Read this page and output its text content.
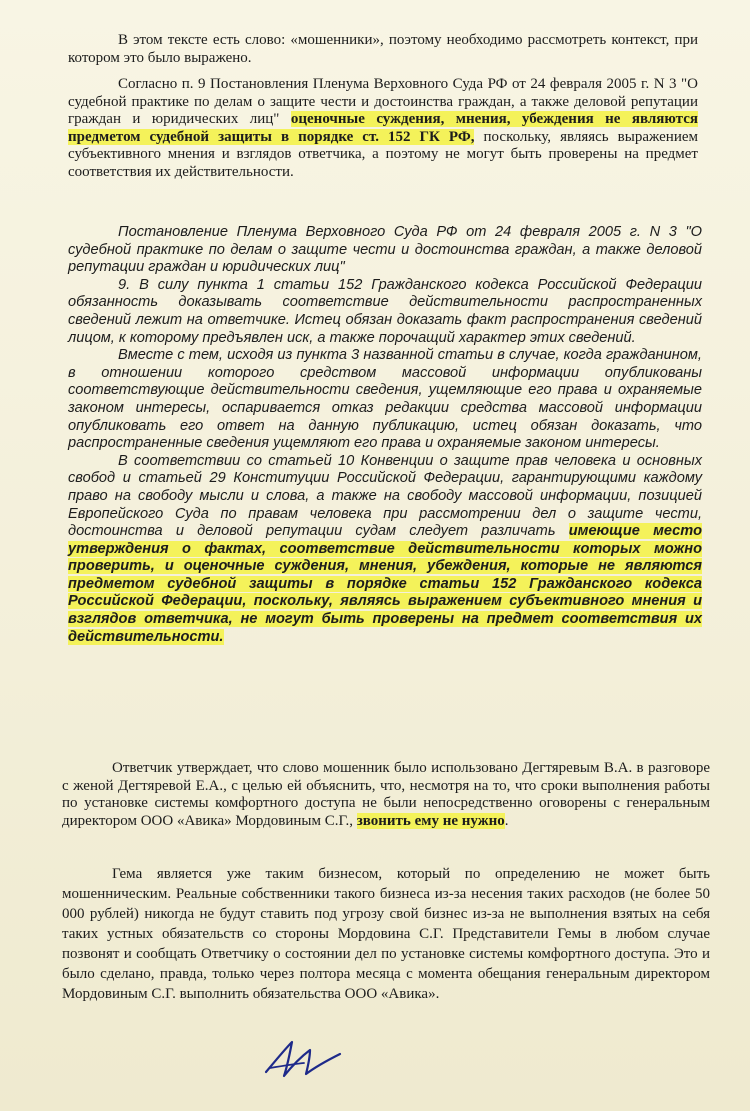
В этом тексте есть слово: «мошенники», поэтому необходимо рассмотреть контекст, при котором это было выражено.

Согласно п. 9 Постановления Пленума Верховного Суда РФ от 24 февраля 2005 г. N 3 "О судебной практике по делам о защите чести и достоинства граждан, а также деловой репутации граждан и юридических лиц" оценочные суждения, мнения, убеждения не являются предметом судебной защиты в порядке ст. 152 ГК РФ, поскольку, являясь выражением субъективного мнения и взглядов ответчика, а поэтому не могут быть проверены на предмет соответствия их действительности.

Постановление Пленума Верховного Суда РФ от 24 февраля 2005 г. N 3 "О судебной практике по делам о защите чести и достоинства граждан, а также деловой репутации граждан и юридических лиц"

9. В силу пункта 1 статьи 152 Гражданского кодекса Российской Федерации обязанность доказывать соответствие действительности распространенных сведений лежит на ответчике. Истец обязан доказать факт распространения сведений лицом, к которому предъявлен иск, а также порочащий характер этих сведений.

Вместе с тем, исходя из пункта 3 названной статьи в случае, когда гражданином, в отношении которого средством массовой информации опубликованы соответствующие действительности сведения, ущемляющие его права и охраняемые законом интересы, оспаривается отказ редакции средства массовой информации опубликовать его ответ на данную публикацию, истец обязан доказать, что распространенные сведения ущемляют его права и охраняемые законом интересы.

В соответствии со статьей 10 Конвенции о защите прав человека и основных свобод и статьей 29 Конституции Российской Федерации, гарантирующими каждому право на свободу мысли и слова, а также на свободу массовой информации, позицией Европейского Суда по правам человека при рассмотрении дел о защите чести, достоинства и деловой репутации судам следует различать имеющие место утверждения о фактах, соответствие действительности которых можно проверить, и оценочные суждения, мнения, убеждения, которые не являются предметом судебной защиты в порядке статьи 152 Гражданского кодекса Российской Федерации, поскольку, являясь выражением субъективного мнения и взглядов ответчика, не могут быть проверены на предмет соответствия их действительности.

Ответчик утверждает, что слово мошенник было использовано Дегтяревым В.А. в разговоре с женой Дегтяревой Е.А., с целью ей объяснить, что, несмотря на то, что сроки выполнения работы по установке системы комфортного доступа не были непосредственно оговорены с генеральным директором ООО «Авика» Мордовиным С.Г., звонить ему не нужно.

Гема является уже таким бизнесом, который по определению не может быть мошенническим. Реальные собственники такого бизнеса из-за несения таких расходов (не более 50 000 рублей) никогда не будут ставить под угрозу свой бизнес из-за не выполнения взятых на себя таких устных обязательств со стороны Мордовина С.Г. Представители Гемы в любом случае позвонят и сообщать Ответчику о состоянии дел по установке системы комфортного доступа. Это и было сделано, правда, только через полтора месяца с момента обещания генеральным директором Мордовиным С.Г. выполнить обязательства ООО «Авика».
